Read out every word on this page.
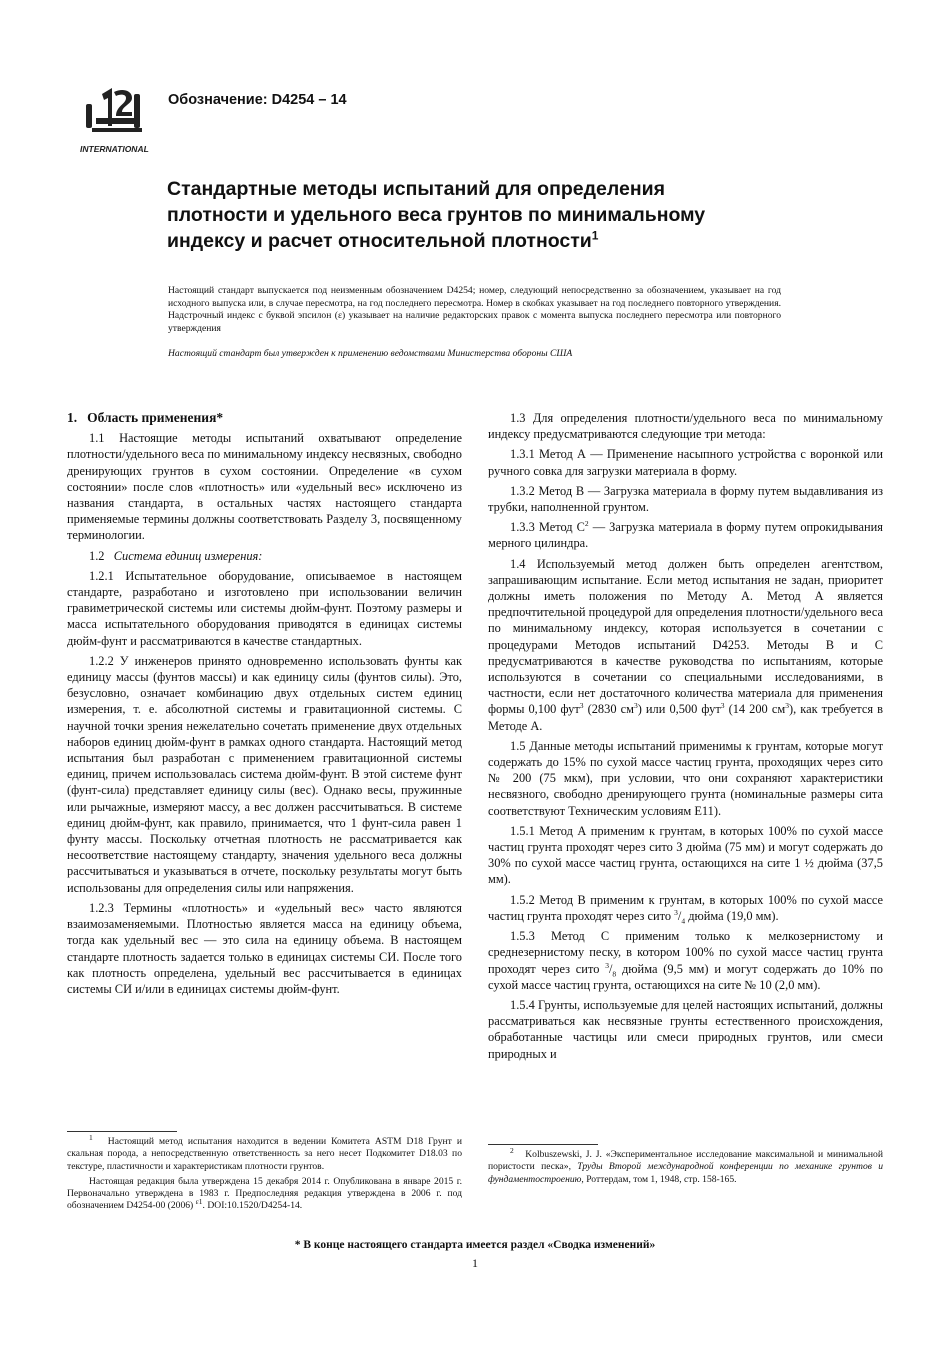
INTERNATIONAL
Обозначение: D4254 – 14
Стандартные методы испытаний для определения плотности и удельного веса грунтов по минимальному индексу и расчет относительной плотности$^1$

Настоящий стандарт выпускается под неизменным обозначением D4254; номер, следующий непосредственно за обозначением, указывает на год исходного выпуска или, в случае пересмотра, на год последнего пересмотра. Номер в скобках указывает на год последнего повторного утверждения. Надстрочный индекс с буквой эпсилон (ε) указывает на наличие редакторских правок с момента выпуска последнего пересмотра или повторного утверждения

Настоящий стандарт был утвержден к применению ведомствами Министерства обороны США

1. Область применения*

1.1 Настоящие методы испытаний охватывают определение плотности/удельного веса по минимальному индексу несвязных, свободно дренирующих грунтов в сухом состоянии. Определение «в сухом состоянии» после слов «плотность» или «удельный вес» исключено из названия стандарта, в остальных частях настоящего стандарта применяемые термины должны соответствовать Разделу 3, посвященному терминологии.

1.2 Система единиц измерения:

1.2.1 Испытательное оборудование, описываемое в настоящем стандарте, разработано и изготовлено при использовании величин гравиметрической системы или системы дюйм-фунт. Поэтому размеры и масса испытательного оборудования приводятся в единицах системы дюйм-фунт и рассматриваются в качестве стандартных.

1.2.2 У инженеров принято одновременно использовать фунты как единицу массы (фунтов массы) и как единицу силы (фунтов силы). Это, безусловно, означает комбинацию двух отдельных систем единиц измерения, т. е. абсолютной системы и гравитационной системы. С научной точки зрения нежелательно сочетать применение двух отдельных наборов единиц дюйм-фунт в рамках одного стандарта. Настоящий метод испытания был разработан с применением гравитационной системы единиц, причем использовалась система дюйм-фунт. В этой системе фунт (фунт-сила) представляет единицу силы (вес). Однако весы, пружинные или рычажные, измеряют массу, а вес должен рассчитываться. В системе единиц дюйм-фунт, как правило, принимается, что 1 фунт-сила равен 1 фунту массы. Поскольку отчетная плотность не рассматривается как несоответствие настоящему стандарту, значения удельного веса должны рассчитываться и указываться в отчете, поскольку результаты могут быть использованы для определения силы или напряжения.

1.2.3 Термины «плотность» и «удельный вес» часто являются взаимозаменяемыми. Плотностью является масса на единицу объема, тогда как удельный вес — это сила на единицу объема. В настоящем стандарте плотность задается только в единицах системы СИ. После того как плотность определена, удельный вес рассчитывается в единицах системы СИ и/или в единицах системы дюйм-фунт.

1.3 Для определения плотности/удельного веса по минимальному индексу предусматриваются следующие три метода:

1.3.1 Метод А — Применение насыпного устройства с воронкой или ручного совка для загрузки материала в форму.

1.3.2 Метод В — Загрузка материала в форму путем выдавливания из трубки, наполненной грунтом.

1.3.3 Метод $С^2$ — Загрузка материала в форму путем опрокидывания мерного цилиндра.

1.4 Используемый метод должен быть определен агентством, запрашивающим испытание. Если метод испытания не задан, приоритет должны иметь положения по Методу А. Метод А является предпочтительной процедурой для определения плотности/удельного веса по минимальному индексу, которая используется в сочетании с процедурами Методов испытаний D4253. Методы В и С предусматриваются в качестве руководства по испытаниям, которые используются в сочетании со специальными исследованиями, в частности, если нет достаточного количества материала для применения формы 0,100 фут$^3$ (2830 $см^3$) или 0,500 фут$^3$ (14 200 $см^3$), как требуется в Методе А.

1.5 Данные методы испытаний применимы к грунтам, которые могут содержать до 15% по сухой массе частиц грунта, проходящих через сито № 200 (75 мкм), при условии, что они сохраняют характеристики несвязного, свободно дренирующего грунта (номинальные размеры сита соответствуют Техническим условиям Е11).

1.5.1 Метод А применим к грунтам, в которых 100% по сухой массе частиц грунта проходят через сито 3 дюйма (75 мм) и могут содержать до 30% по сухой массе частиц грунта, остающихся на сите 1 ½ дюйма (37,5 мм).

1.5.2 Метод В применим к грунтам, в которых 100% по сухой массе частиц грунта проходят через сито $^3/_4$ дюйма (19,0 мм).

1.5.3 Метод С применим только к мелкозернистому и среднезернистому песку, в котором 100% по сухой массе частиц грунта проходят через сито $^3/_8$ дюйма (9,5 мм) и могут содержать до 10% по сухой массе частиц грунта, остающихся на сите № 10 (2,0 мм).

1.5.4 Грунты, используемые для целей настоящих испытаний, должны рассматриваться как несвязные грунты естественного происхождения, обработанные частицы или смеси природных грунтов, или смеси природных и

$^1$ Настоящий метод испытания находится в ведении Комитета ASTM D18 Грунт и скальная порода, а непосредственную ответственность за него несет Подкомитет D18.03 по текстуре, пластичности и характеристикам плотности грунтов.

Настоящая редакция была утверждена 15 декабря 2014 г. Опубликована в январе 2015 г. Первоначально утверждена в 1983 г. Предпоследняя редакция утверждена в 2006 г. под обозначением D4254-00 (2006) $^{\varepsilon 1}$. DOI:10.1520/D4254-14.

$^2$ Kolbuszewski, J. J. «Экспериментальное исследование максимальной и минимальной пористости песка», Труды Второй международной конференции по механике грунтов и фундаментостроению, Роттердам, том 1, 1948, стр. 158-165.

* В конце настоящего стандарта имеется раздел «Сводка изменений»
1
